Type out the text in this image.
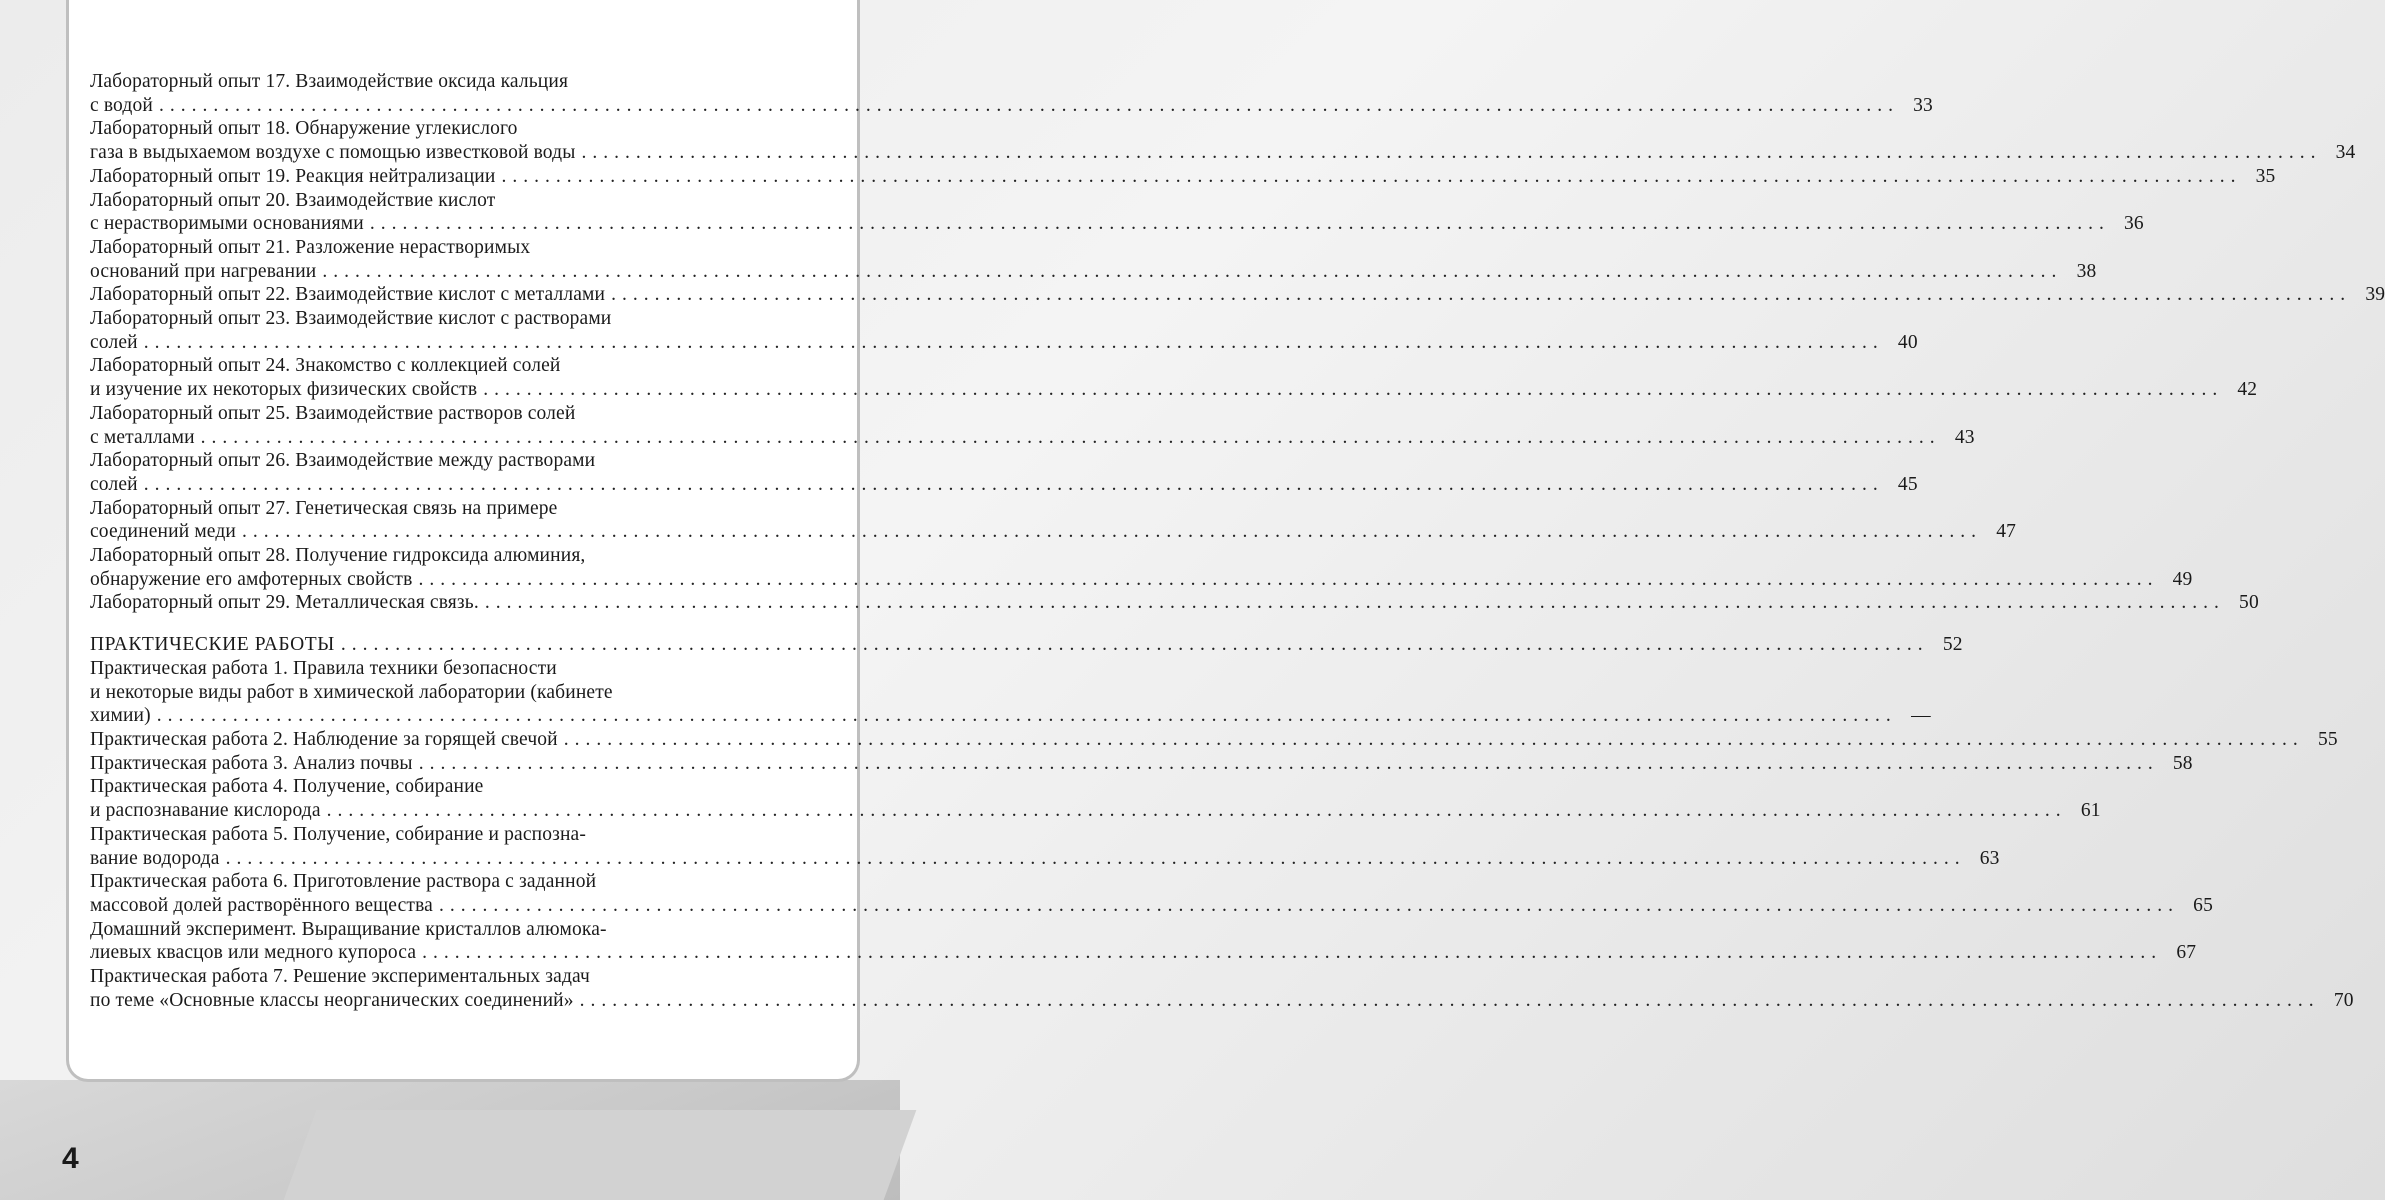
Лабораторный опыт 17. Взаимодействие оксида кальция
с водой ................................................................................................................................................................ 33
Лабораторный опыт 18. Обнаружение углекислого
газа в выдыхаемом воздухе с помощью известковой воды ................................................................................................................................................................ 34
Лабораторный опыт 19. Реакция нейтрализации ................................................................................................................................................................ 35
Лабораторный опыт 20. Взаимодействие кислот
с нерастворимыми основаниями ................................................................................................................................................................ 36
Лабораторный опыт 21. Разложение нерастворимых
оснований при нагревании ................................................................................................................................................................ 38
Лабораторный опыт 22. Взаимодействие кислот с металлами ................................................................................................................................................................ 39
Лабораторный опыт 23. Взаимодействие кислот с растворами
солей ................................................................................................................................................................ 40
Лабораторный опыт 24. Знакомство с коллекцией солей
и изучение их некоторых физических свойств ................................................................................................................................................................ 42
Лабораторный опыт 25. Взаимодействие растворов солей
с металлами ................................................................................................................................................................ 43
Лабораторный опыт 26. Взаимодействие между растворами
солей ................................................................................................................................................................ 45
Лабораторный опыт 27. Генетическая связь на примере
соединений меди ................................................................................................................................................................ 47
Лабораторный опыт 28. Получение гидроксида алюминия,
обнаружение его амфотерных свойств ................................................................................................................................................................ 49
Лабораторный опыт 29. Металлическая связь. ................................................................................................................................................................ 50
ПРАКТИЧЕСКИЕ РАБОТЫ .................................................................................................................................................. 52
Практическая работа 1. Правила техники безопасности
и некоторые виды работ в химической лаборатории (кабинете
химии) ................................................................................................................................................................ —
Практическая работа 2. Наблюдение за горящей свечой ................................................................................................................................................................ 55
Практическая работа 3. Анализ почвы ................................................................................................................................................................ 58
Практическая работа 4. Получение, собирание
и распознавание кислорода ................................................................................................................................................................ 61
Практическая работа 5. Получение, собирание и распозна-
вание водорода ................................................................................................................................................................ 63
Практическая работа 6. Приготовление раствора с заданной
массовой долей растворённого вещества ................................................................................................................................................................ 65
Домашний эксперимент. Выращивание кристаллов алюмока-
лиевых квасцов или медного купороса ................................................................................................................................................................ 67
Практическая работа 7. Решение экспериментальных задач
по теме «Основные классы неорганических соединений» ................................................................................................................................................................ 70
4
